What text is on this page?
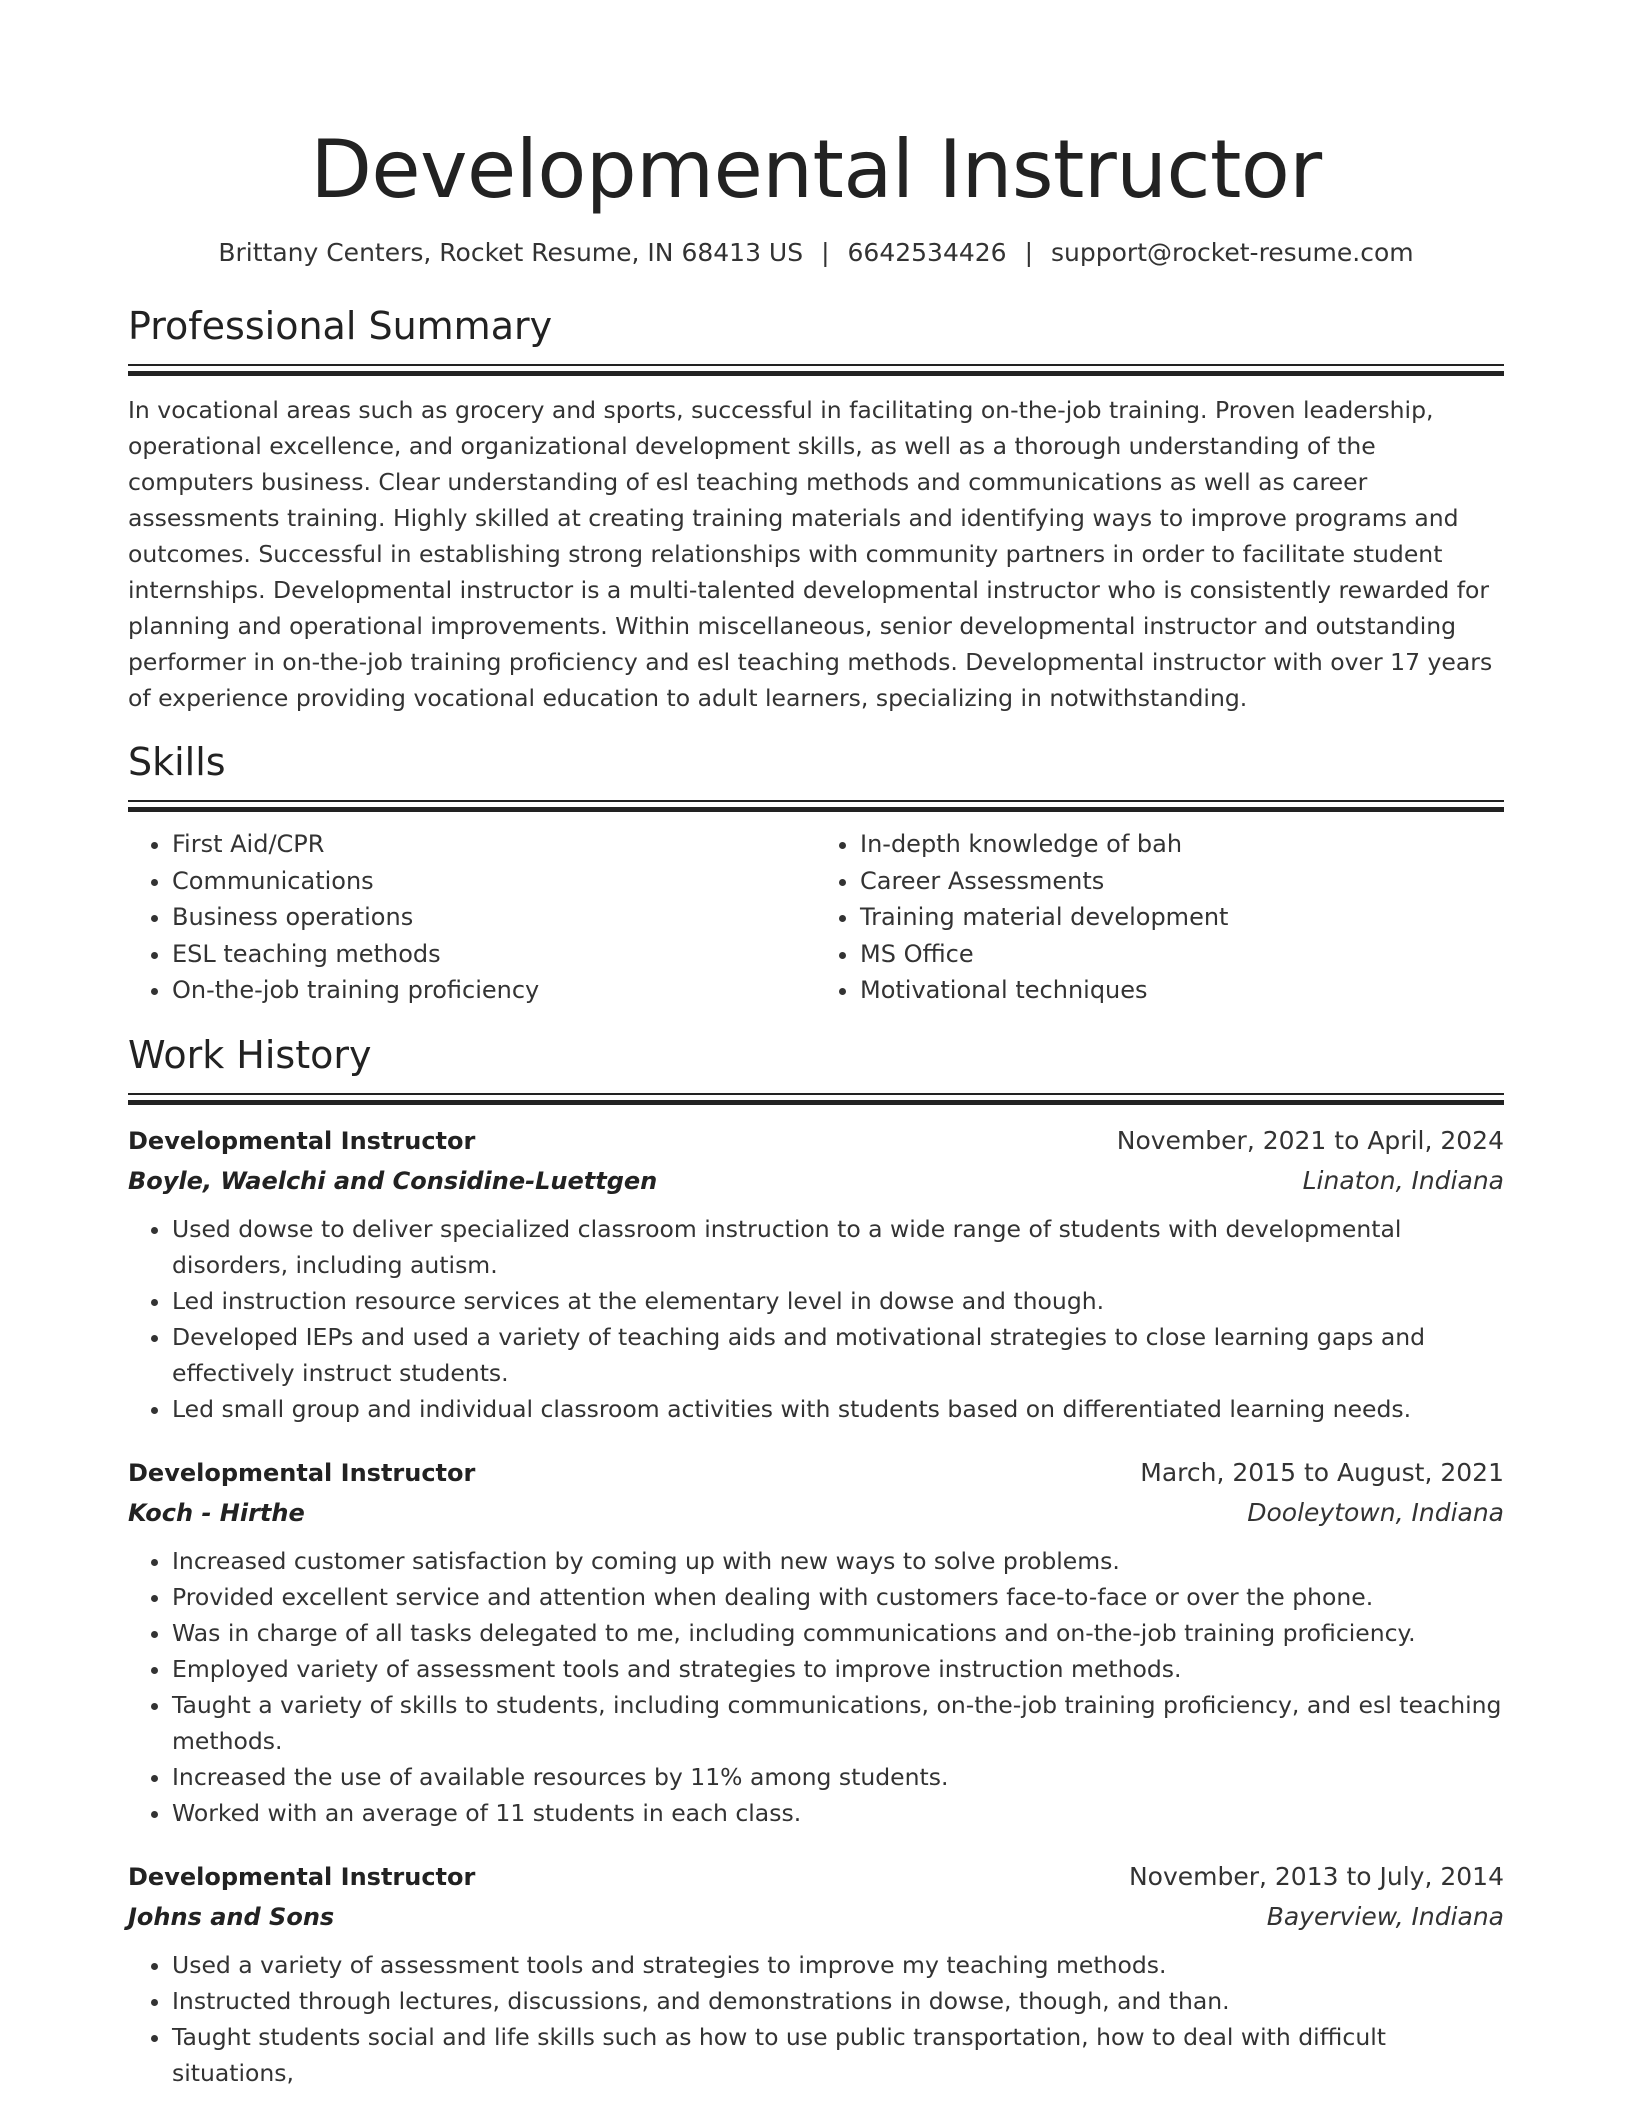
Developmental Instructor
Brittany Centers, Rocket Resume, IN 68413 US | 6642534426 | support@rocket-resume.com
Professional Summary

In vocational areas such as grocery and sports, successful in facilitating on-the-job training. Proven leadership, operational excellence, and organizational development skills, as well as a thorough understanding of the computers business. Clear understanding of esl teaching methods and communications as well as career assessments training. Highly skilled at creating training materials and identifying ways to improve programs and outcomes. Successful in establishing strong relationships with community partners in order to facilitate student internships. Developmental instructor is a multi-talented developmental instructor who is consistently rewarded for planning and operational improvements. Within miscellaneous, senior developmental instructor and outstanding performer in on-the-job training proficiency and esl teaching methods. Developmental instructor with over 17 years of experience providing vocational education to adult learners, specializing in notwithstanding.

Skills
• First Aid/CPR
• Communications
• Business operations
• ESL teaching methods
• On-the-job training proficiency
• In-depth knowledge of bah
• Career Assessments
• Training material development
• MS Office
• Motivational techniques
Work History
Developmental Instructor	November, 2021 to April, 2024
Boyle, Waelchi and Considine-Luettgen	Linaton, Indiana
• Used dowse to deliver specialized classroom instruction to a wide range of students with developmental disorders, including autism.
• Led instruction resource services at the elementary level in dowse and though.
• Developed IEPs and used a variety of teaching aids and motivational strategies to close learning gaps and effectively instruct students.
• Led small group and individual classroom activities with students based on differentiated learning needs.
Developmental Instructor	March, 2015 to August, 2021
Koch - Hirthe	Dooleytown, Indiana
• Increased customer satisfaction by coming up with new ways to solve problems.
• Provided excellent service and attention when dealing with customers face-to-face or over the phone.
• Was in charge of all tasks delegated to me, including communications and on-the-job training proficiency.
• Employed variety of assessment tools and strategies to improve instruction methods.
• Taught a variety of skills to students, including communications, on-the-job training proficiency, and esl teaching methods.
• Increased the use of available resources by 11% among students.
• Worked with an average of 11 students in each class.
Developmental Instructor	November, 2013 to July, 2014
Johns and Sons	Bayerview, Indiana
• Used a variety of assessment tools and strategies to improve my teaching methods.
• Instructed through lectures, discussions, and demonstrations in dowse, though, and than.
• Taught students social and life skills such as how to use public transportation, how to deal with difficult situations,
